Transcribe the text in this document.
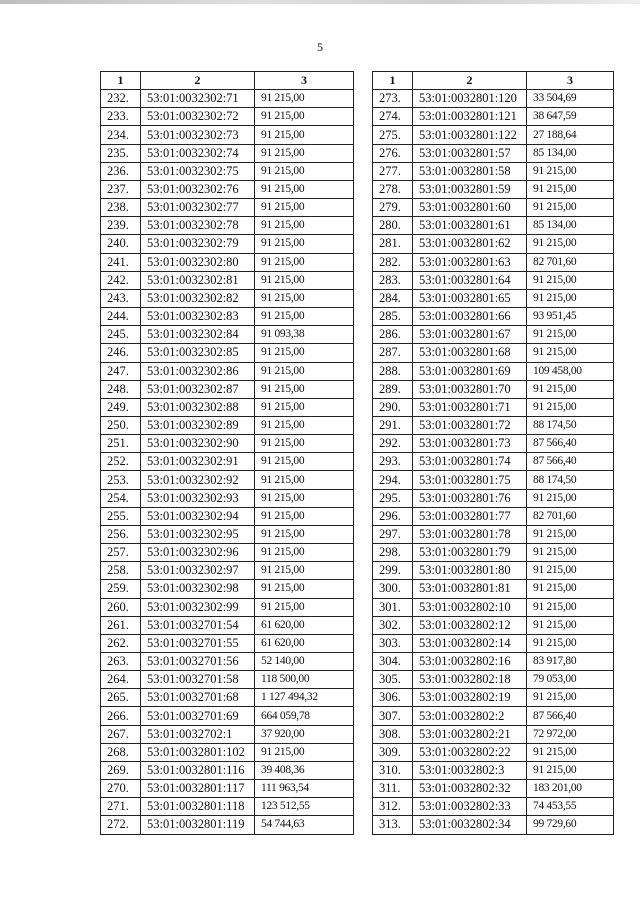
5
1	2	3
232.	53:01:0032302:71	91 215,00
233.	53:01:0032302:72	91 215,00
234.	53:01:0032302:73	91 215,00
235.	53:01:0032302:74	91 215,00
236.	53:01:0032302:75	91 215,00
237.	53:01:0032302:76	91 215,00
238.	53:01:0032302:77	91 215,00
239.	53:01:0032302:78	91 215,00
240.	53:01:0032302:79	91 215,00
241.	53:01:0032302:80	91 215,00
242.	53:01:0032302:81	91 215,00
243.	53:01:0032302:82	91 215,00
244.	53:01:0032302:83	91 215,00
245.	53:01:0032302:84	91 093,38
246.	53:01:0032302:85	91 215,00
247.	53:01:0032302:86	91 215,00
248.	53:01:0032302:87	91 215,00
249.	53:01:0032302:88	91 215,00
250.	53:01:0032302:89	91 215,00
251.	53:01:0032302:90	91 215,00
252.	53:01:0032302:91	91 215,00
253.	53:01:0032302:92	91 215,00
254.	53:01:0032302:93	91 215,00
255.	53:01:0032302:94	91 215,00
256.	53:01:0032302:95	91 215,00
257.	53:01:0032302:96	91 215,00
258.	53:01:0032302:97	91 215,00
259.	53:01:0032302:98	91 215,00
260.	53:01:0032302:99	91 215,00
261.	53:01:0032701:54	61 620,00
262.	53:01:0032701:55	61 620,00
263.	53:01:0032701:56	52 140,00
264.	53:01:0032701:58	118 500,00
265.	53:01:0032701:68	1 127 494,32
266.	53:01:0032701:69	664 059,78
267.	53:01:0032702:1	37 920,00
268.	53:01:0032801:102	91 215,00
269.	53:01:0032801:116	39 408,36
270.	53:01:0032801:117	111 963,54
271.	53:01:0032801:118	123 512,55
272.	53:01:0032801:119	54 744,63
1	2	3
273.	53:01:0032801:120	33 504,69
274.	53:01:0032801:121	38 647,59
275.	53:01:0032801:122	27 188,64
276.	53:01:0032801:57	85 134,00
277.	53:01:0032801:58	91 215,00
278.	53:01:0032801:59	91 215,00
279.	53:01:0032801:60	91 215,00
280.	53:01:0032801:61	85 134,00
281.	53:01:0032801:62	91 215,00
282.	53:01:0032801:63	82 701,60
283.	53:01:0032801:64	91 215,00
284.	53:01:0032801:65	91 215,00
285.	53:01:0032801:66	93 951,45
286.	53:01:0032801:67	91 215,00
287.	53:01:0032801:68	91 215,00
288.	53:01:0032801:69	109 458,00
289.	53:01:0032801:70	91 215,00
290.	53:01:0032801:71	91 215,00
291.	53:01:0032801:72	88 174,50
292.	53:01:0032801:73	87 566,40
293.	53:01:0032801:74	87 566,40
294.	53:01:0032801:75	88 174,50
295.	53:01:0032801:76	91 215,00
296.	53:01:0032801:77	82 701,60
297.	53:01:0032801:78	91 215,00
298.	53:01:0032801:79	91 215,00
299.	53:01:0032801:80	91 215,00
300.	53:01:0032801:81	91 215,00
301.	53:01:0032802:10	91 215,00
302.	53:01:0032802:12	91 215,00
303.	53:01:0032802:14	91 215,00
304.	53:01:0032802:16	83 917,80
305.	53:01:0032802:18	79 053,00
306.	53:01:0032802:19	91 215,00
307.	53:01:0032802:2	87 566,40
308.	53:01:0032802:21	72 972,00
309.	53:01:0032802:22	91 215,00
310.	53:01:0032802:3	91 215,00
311.	53:01:0032802:32	183 201,00
312.	53:01:0032802:33	74 453,55
313.	53:01:0032802:34	99 729,60
